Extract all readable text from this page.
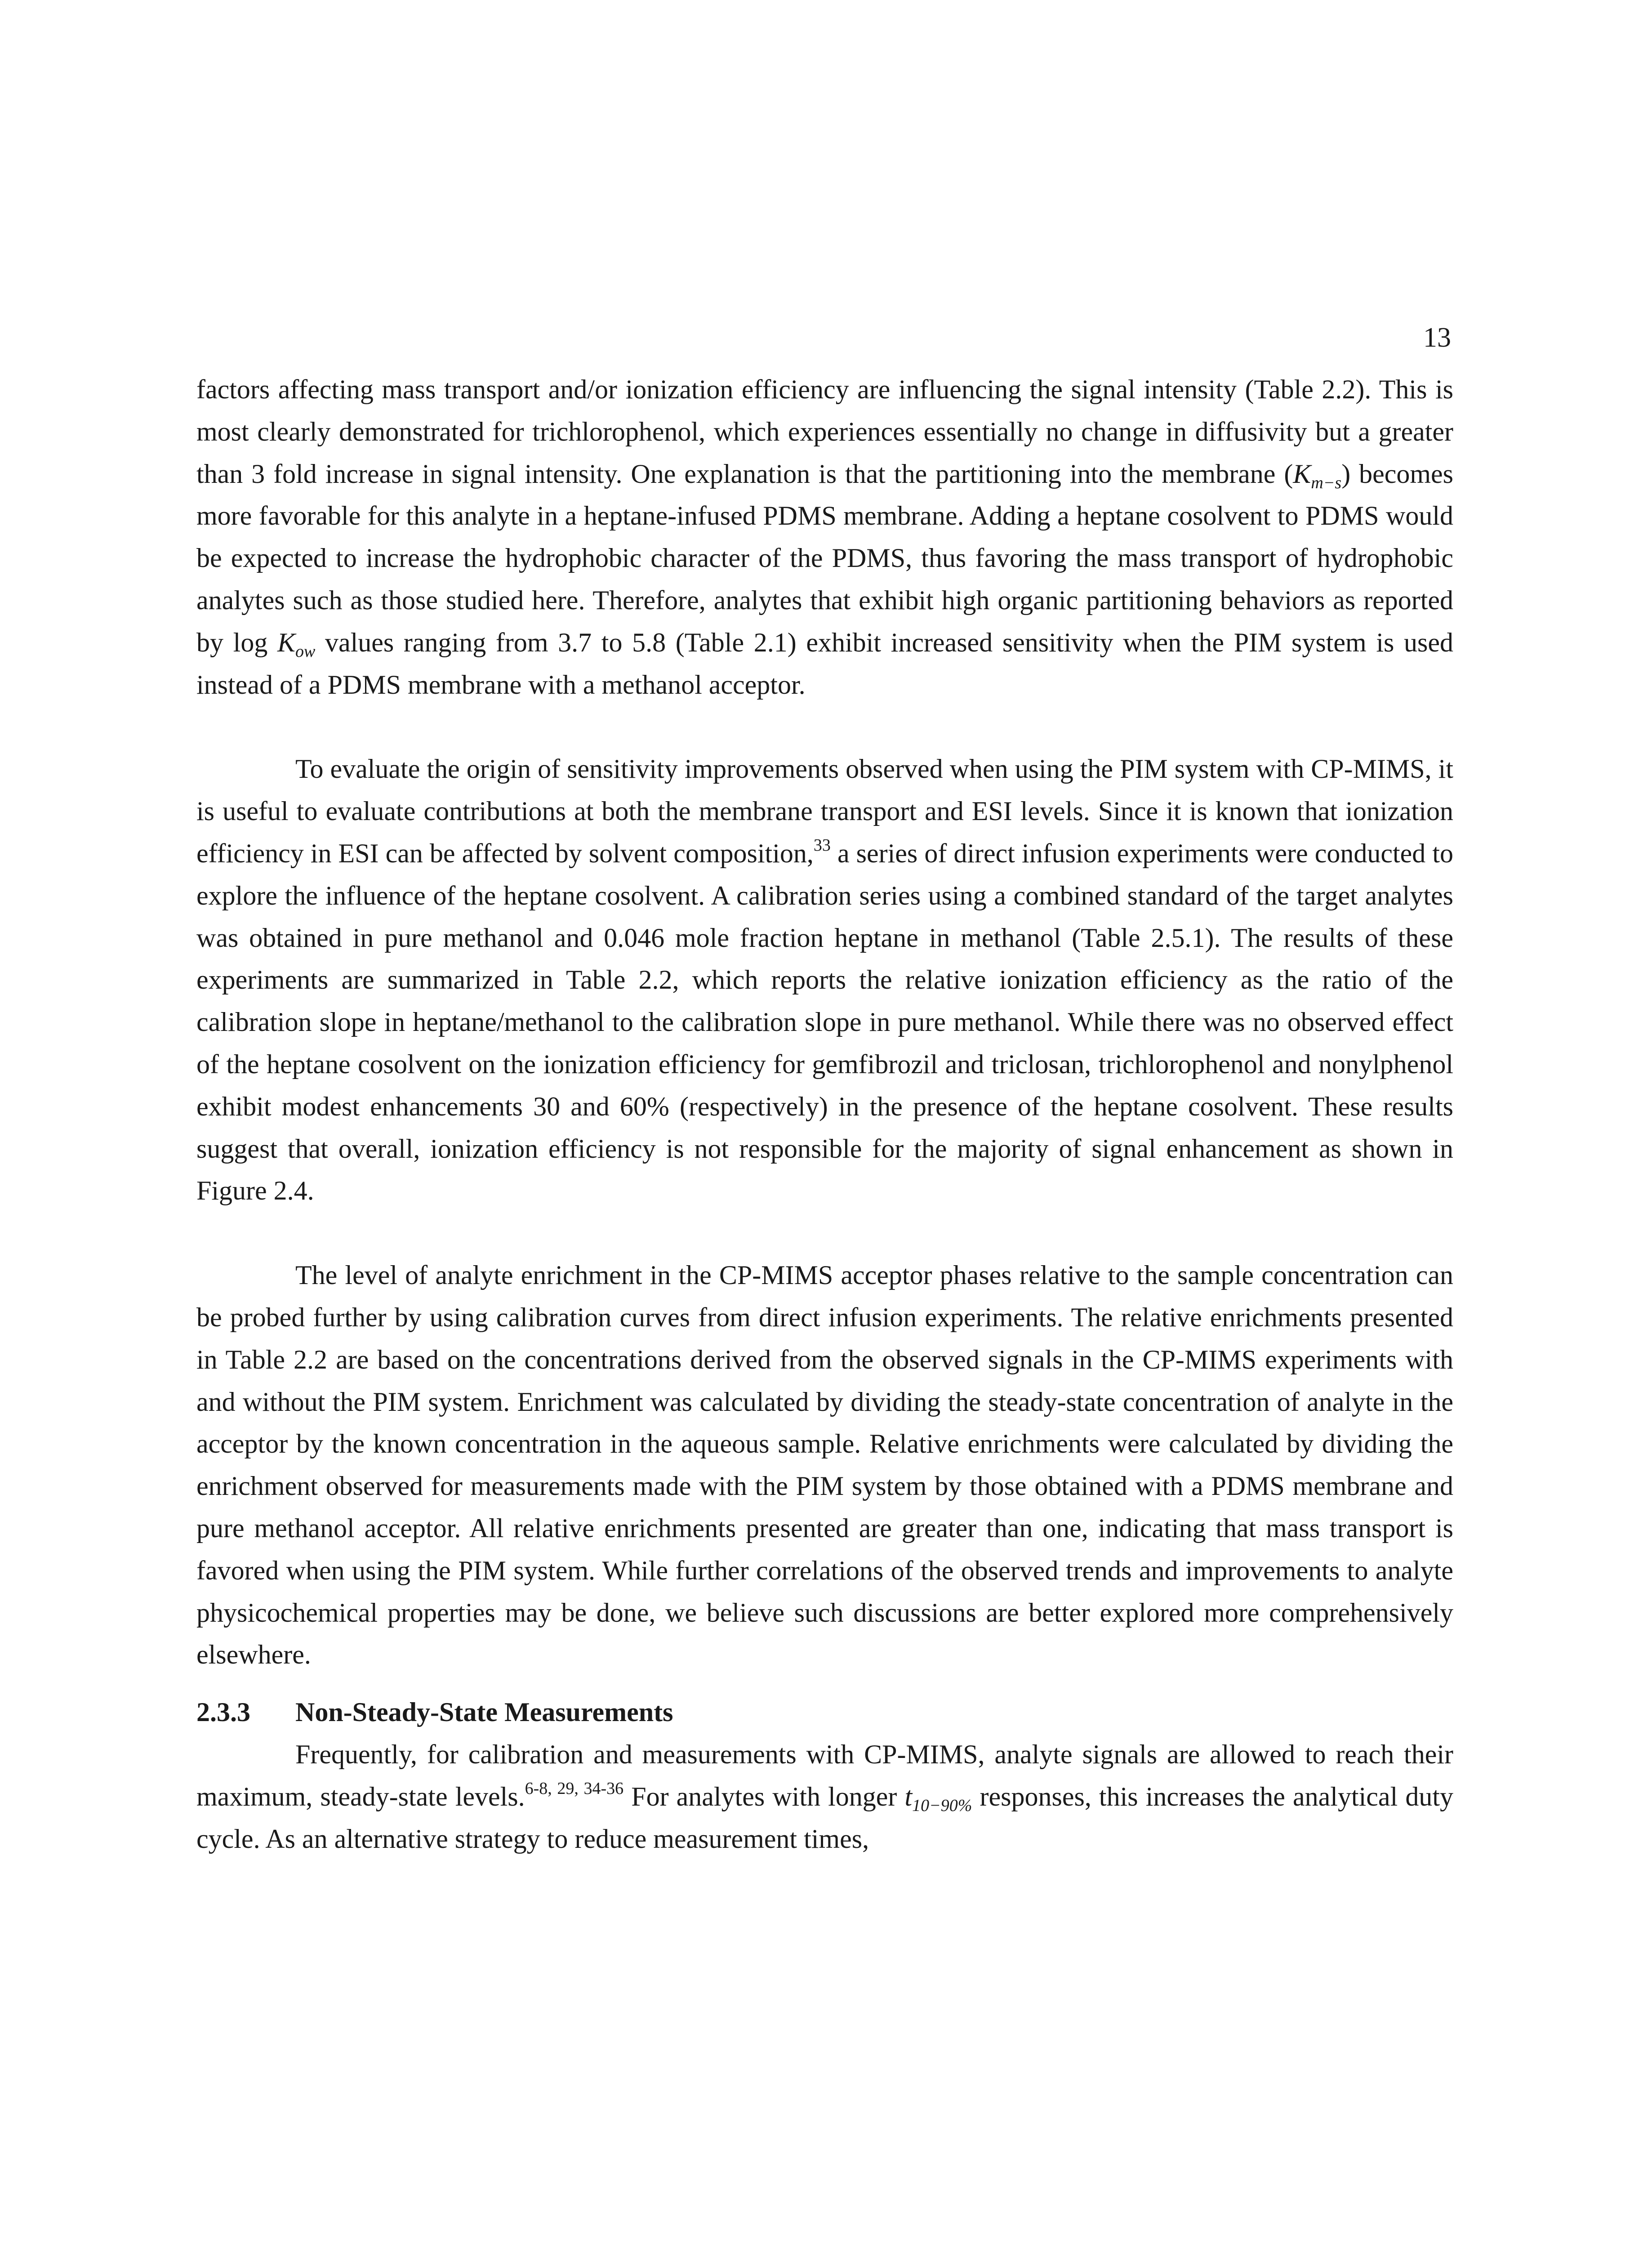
13

factors affecting mass transport and/or ionization efficiency are influencing the signal intensity (Table 2.2). This is most clearly demonstrated for trichlorophenol, which experiences essentially no change in diffusivity but a greater than 3 fold increase in signal intensity. One explanation is that the partitioning into the membrane $(K_{m-s})$ becomes more favorable for this analyte in a heptane-infused PDMS membrane. Adding a heptane cosolvent to PDMS would be expected to increase the hydrophobic character of the PDMS, thus favoring the mass transport of hydrophobic analytes such as those studied here. Therefore, analytes that exhibit high organic partitioning behaviors as reported by $\log K_{ow}$ values ranging from 3.7 to 5.8 (Table 2.1) exhibit increased sensitivity when the PIM system is used instead of a PDMS membrane with a methanol acceptor.

To evaluate the origin of sensitivity improvements observed when using the PIM system with CP-MIMS, it is useful to evaluate contributions at both the membrane transport and ESI levels. Since it is known that ionization efficiency in ESI can be affected by solvent composition,$^{33}$ a series of direct infusion experiments were conducted to explore the influence of the heptane cosolvent. A calibration series using a combined standard of the target analytes was obtained in pure methanol and 0.046 mole fraction heptane in methanol (Table 2.5.1). The results of these experiments are summarized in Table 2.2, which reports the relative ionization efficiency as the ratio of the calibration slope in heptane/methanol to the calibration slope in pure methanol. While there was no observed effect of the heptane cosolvent on the ionization efficiency for gemfibrozil and triclosan, trichlorophenol and nonylphenol exhibit modest enhancements 30 and 60% (respectively) in the presence of the heptane cosolvent. These results suggest that overall, ionization efficiency is not responsible for the majority of signal enhancement as shown in Figure 2.4.

The level of analyte enrichment in the CP-MIMS acceptor phases relative to the sample concentration can be probed further by using calibration curves from direct infusion experiments. The relative enrichments presented in Table 2.2 are based on the concentrations derived from the observed signals in the CP-MIMS experiments with and without the PIM system. Enrichment was calculated by dividing the steady-state concentration of analyte in the acceptor by the known concentration in the aqueous sample. Relative enrichments were calculated by dividing the enrichment observed for measurements made with the PIM system by those obtained with a PDMS membrane and pure methanol acceptor. All relative enrichments presented are greater than one, indicating that mass transport is favored when using the PIM system. While further correlations of the observed trends and improvements to analyte physicochemical properties may be done, we believe such discussions are better explored more comprehensively elsewhere.

2.3.3 Non-Steady-State Measurements

Frequently, for calibration and measurements with CP-MIMS, analyte signals are allowed to reach their maximum, steady-state levels.$^{6-8, 29, 34-36}$ For analytes with longer $t_{10-90\%}$ responses, this increases the analytical duty cycle. As an alternative strategy to reduce measurement times,
